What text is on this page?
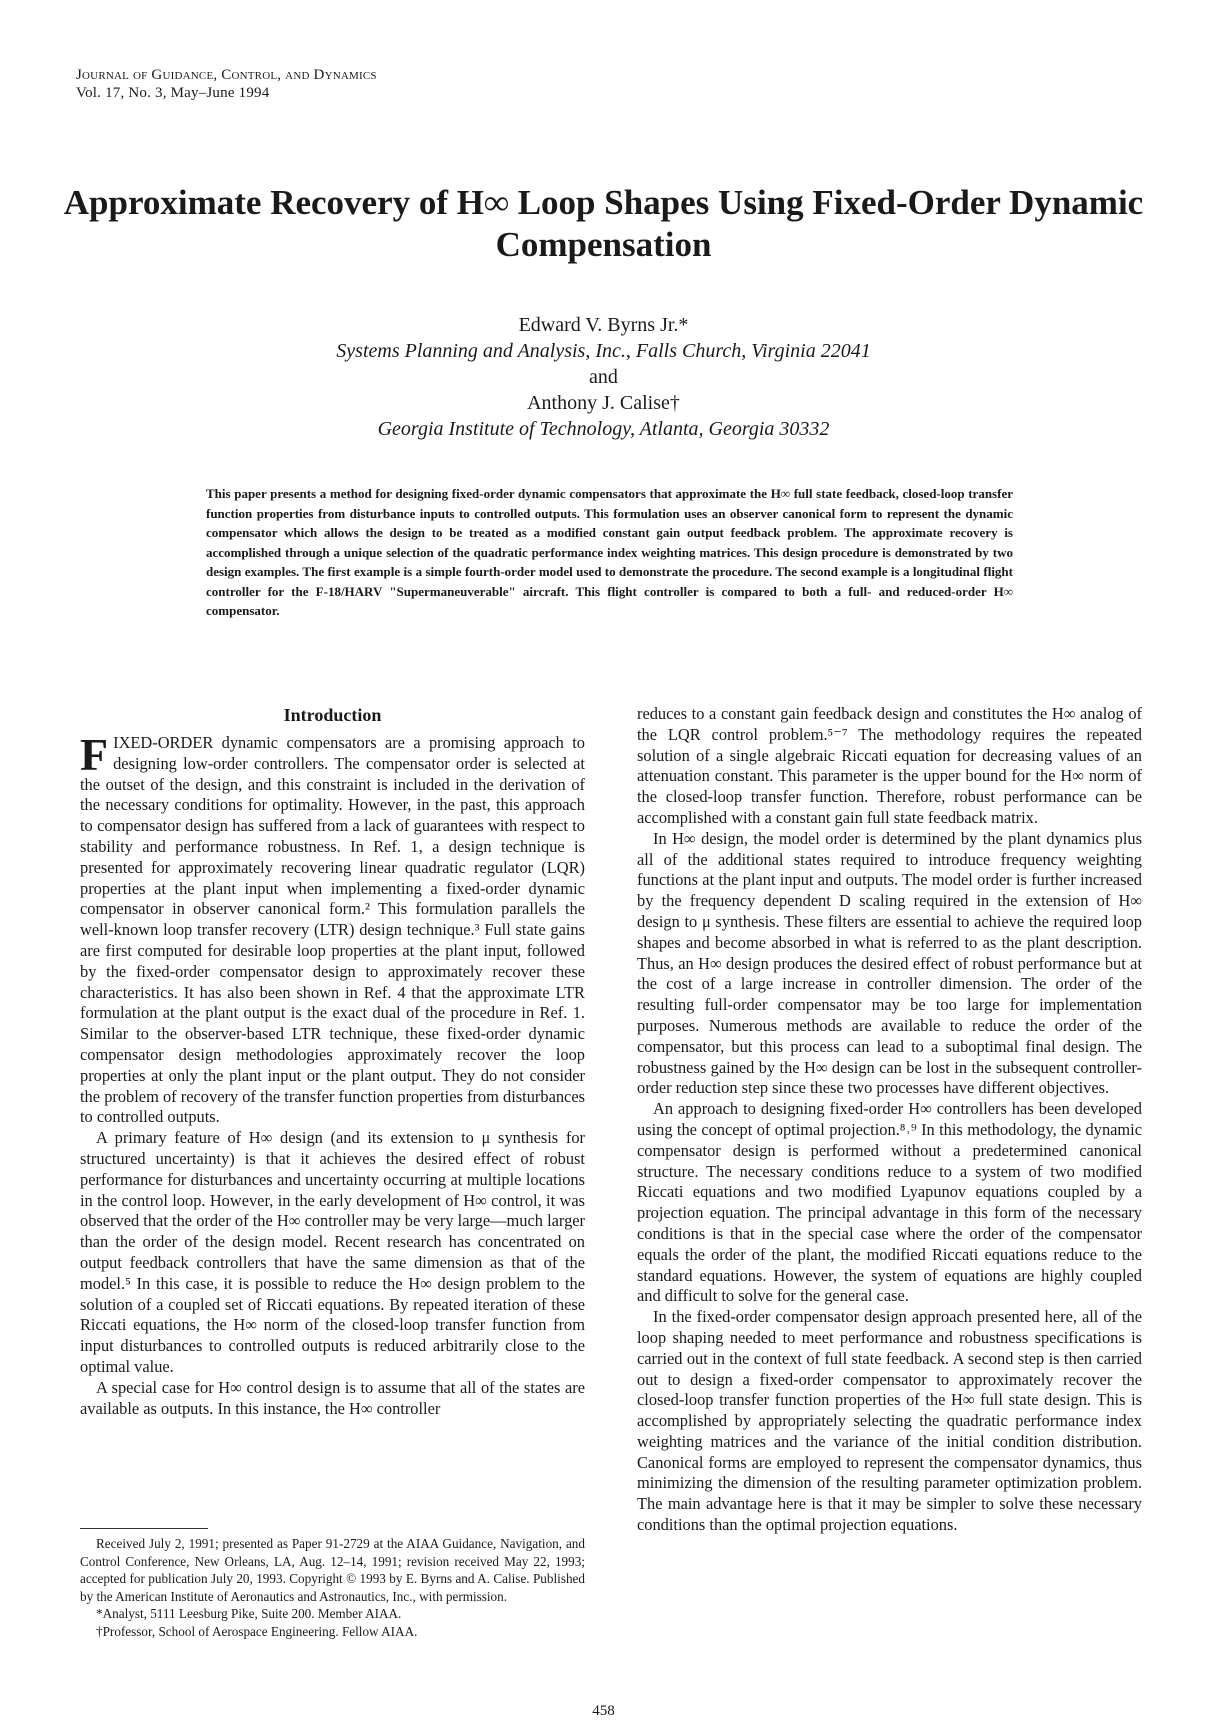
Journal of Guidance, Control, and Dynamics
Vol. 17, No. 3, May–June 1994
Approximate Recovery of H∞ Loop Shapes Using Fixed-Order Dynamic Compensation
Edward V. Byrns Jr.*
Systems Planning and Analysis, Inc., Falls Church, Virginia 22041
and
Anthony J. Calise†
Georgia Institute of Technology, Atlanta, Georgia 30332
This paper presents a method for designing fixed-order dynamic compensators that approximate the H∞ full state feedback, closed-loop transfer function properties from disturbance inputs to controlled outputs. This formulation uses an observer canonical form to represent the dynamic compensator which allows the design to be treated as a modified constant gain output feedback problem. The approximate recovery is accomplished through a unique selection of the quadratic performance index weighting matrices. This design procedure is demonstrated by two design examples. The first example is a simple fourth-order model used to demonstrate the procedure. The second example is a longitudinal flight controller for the F-18/HARV "Supermaneuverable" aircraft. This flight controller is compared to both a full- and reduced-order H∞ compensator.
Introduction

F IXED-ORDER dynamic compensators are a promising approach to designing low-order controllers. The compensator order is selected at the outset of the design, and this constraint is included in the derivation of the necessary conditions for optimality. However, in the past, this approach to compensator design has suffered from a lack of guarantees with respect to stability and performance robustness. In Ref. 1, a design technique is presented for approximately recovering linear quadratic regulator (LQR) properties at the plant input when implementing a fixed-order dynamic compensator in observer canonical form.² This formulation parallels the well-known loop transfer recovery (LTR) design technique.³ Full state gains are first computed for desirable loop properties at the plant input, followed by the fixed-order compensator design to approximately recover these characteristics. It has also been shown in Ref. 4 that the approximate LTR formulation at the plant output is the exact dual of the procedure in Ref. 1. Similar to the observer-based LTR technique, these fixed-order dynamic compensator design methodologies approximately recover the loop properties at only the plant input or the plant output. They do not consider the problem of recovery of the transfer function properties from disturbances to controlled outputs.

A primary feature of H∞ design (and its extension to μ synthesis for structured uncertainty) is that it achieves the desired effect of robust performance for disturbances and uncertainty occurring at multiple locations in the control loop. However, in the early development of H∞ control, it was observed that the order of the H∞ controller may be very large—much larger than the order of the design model. Recent research has concentrated on output feedback controllers that have the same dimension as that of the model.⁵ In this case, it is possible to reduce the H∞ design problem to the solution of a coupled set of Riccati equations. By repeated iteration of these Riccati equations, the H∞ norm of the closed-loop transfer function from input disturbances to controlled outputs is reduced arbitrarily close to the optimal value.

A special case for H∞ control design is to assume that all of the states are available as outputs. In this instance, the H∞ controller

reduces to a constant gain feedback design and constitutes the H∞ analog of the LQR control problem.⁵⁻⁷ The methodology requires the repeated solution of a single algebraic Riccati equation for decreasing values of an attenuation constant. This parameter is the upper bound for the H∞ norm of the closed-loop transfer function. Therefore, robust performance can be accomplished with a constant gain full state feedback matrix.

In H∞ design, the model order is determined by the plant dynamics plus all of the additional states required to introduce frequency weighting functions at the plant input and outputs. The model order is further increased by the frequency dependent D scaling required in the extension of H∞ design to μ synthesis. These filters are essential to achieve the required loop shapes and become absorbed in what is referred to as the plant description. Thus, an H∞ design produces the desired effect of robust performance but at the cost of a large increase in controller dimension. The order of the resulting full-order compensator may be too large for implementation purposes. Numerous methods are available to reduce the order of the compensator, but this process can lead to a suboptimal final design. The robustness gained by the H∞ design can be lost in the subsequent controller-order reduction step since these two processes have different objectives.

An approach to designing fixed-order H∞ controllers has been developed using the concept of optimal projection.⁸˒⁹ In this methodology, the dynamic compensator design is performed without a predetermined canonical structure. The necessary conditions reduce to a system of two modified Riccati equations and two modified Lyapunov equations coupled by a projection equation. The principal advantage in this form of the necessary conditions is that in the special case where the order of the compensator equals the order of the plant, the modified Riccati equations reduce to the standard equations. However, the system of equations are highly coupled and difficult to solve for the general case.

In the fixed-order compensator design approach presented here, all of the loop shaping needed to meet performance and robustness specifications is carried out in the context of full state feedback. A second step is then carried out to design a fixed-order compensator to approximately recover the closed-loop transfer function properties of the H∞ full state design. This is accomplished by appropriately selecting the quadratic performance index weighting matrices and the variance of the initial condition distribution. Canonical forms are employed to represent the compensator dynamics, thus minimizing the dimension of the resulting parameter optimization problem. The main advantage here is that it may be simpler to solve these necessary conditions than the optimal projection equations.

Received July 2, 1991; presented as Paper 91-2729 at the AIAA Guidance, Navigation, and Control Conference, New Orleans, LA, Aug. 12–14, 1991; revision received May 22, 1993; accepted for publication July 20, 1993. Copyright © 1993 by E. Byrns and A. Calise. Published by the American Institute of Aeronautics and Astronautics, Inc., with permission.

*Analyst, 5111 Leesburg Pike, Suite 200. Member AIAA.

†Professor, School of Aerospace Engineering. Fellow AIAA.

458
